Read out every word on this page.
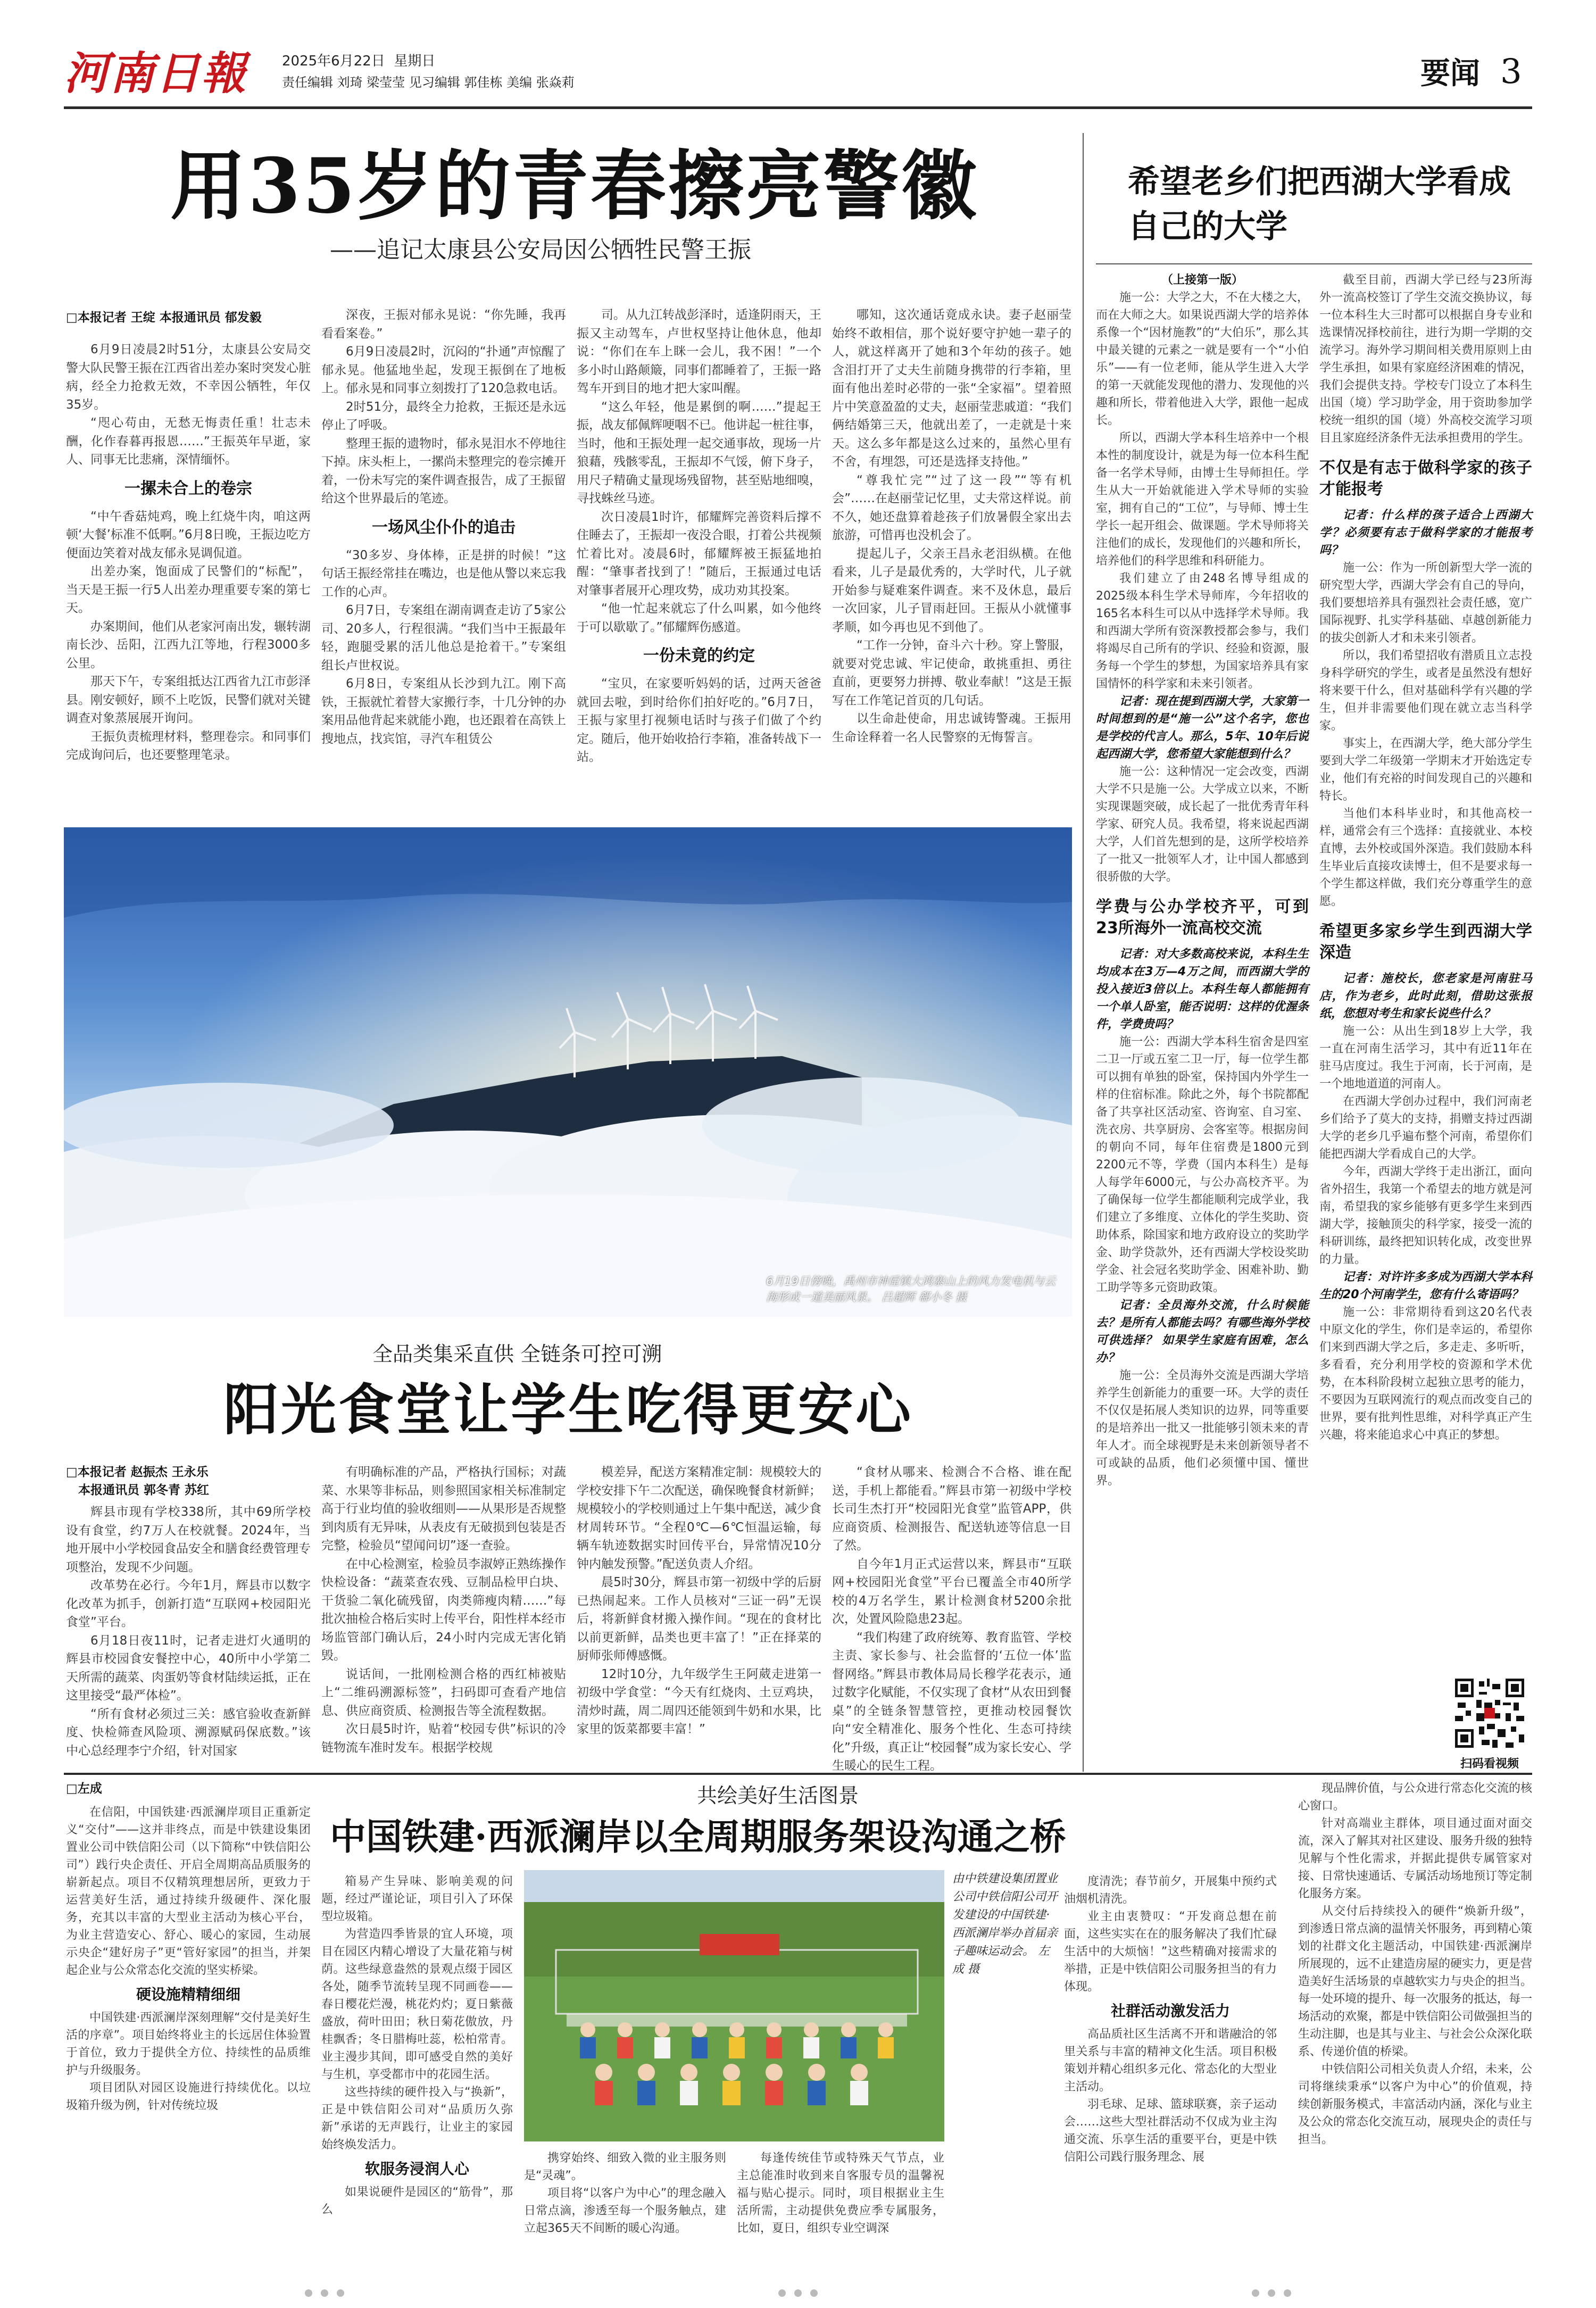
河南日報	2025年6月22日 星期日
责任编辑 刘琦 梁莹莹 见习编辑 郭佳栋 美编 张焱莉	要闻 3
用35岁的青春擦亮警徽
——追记太康县公安局因公牺牲民警王振
□本报记者 王绽 本报通讯员 郁发毅

6月9日凌晨2时51分，太康县公安局交警大队民警王振在江西省出差办案时突发心脏病，经全力抢救无效，不幸因公牺牲，年仅35岁。

“咫心苟由，无愁无悔责任重！壮志未酬，化作春暮再报恩……”王振英年早逝，家人、同事无比悲痛，深情缅怀。

一摞未合上的卷宗

“中午香菇炖鸡，晚上红烧牛肉，咱这两顿‘大餐’标准不低啊。”6月8日晚，王振边吃方便面边笑着对战友郁永晃调侃道。

出差办案，饱面成了民警们的“标配”，当天是王振一行5人出差办理重要专案的第七天。

办案期间，他们从老家河南出发，辗转湖南长沙、岳阳，江西九江等地，行程3000多公里。

那天下午，专案组抵达江西省九江市彭泽县。刚安顿好，顾不上吃饭，民警们就对关键调查对象蒸展展开询问。

王振负责梳理材料，整理卷宗。和同事们完成询问后，也还要整理笔录。

深夜，王振对郁永晃说：“你先睡，我再看看案卷。”

6月9日凌晨2时，沉闷的“扑通”声惊醒了郁永晃。他猛地坐起，发现王振倒在了地板上。郁永晃和同事立刻拨打了120急救电话。

2时51分，最终全力抢救，王振还是永远停止了呼吸。

整理王振的遗物时，郁永晃泪水不停地往下掉。床头柜上，一摞尚未整理完的卷宗摊开着，一份未写完的案件调查报告，成了王振留给这个世界最后的笔迹。

一场风尘仆仆的追击

“30多岁、身体棒，正是拼的时候！”这句话王振经常挂在嘴边，也是他从警以来忘我工作的心声。

6月7日，专案组在湖南调查走访了5家公司、20多人，行程很满。“我们当中王振最年轻，跑腿受累的活儿他总是抢着干。”专案组组长卢世权说。

6月8日，专案组从长沙到九江。刚下高铁，王振就忙着替大家搬行李，十几分钟的办案用品他背起来就能小跑，也还跟着在高铁上搜地点，找宾馆，寻汽车租赁公

司。从九江转战彭泽时，适逢阴雨天，王振又主动驾车，卢世权坚持让他休息，他却说：“你们在车上眯一会儿，我不困！”一个多小时山路颠簸，同事们都睡着了，王振一路驾车开到目的地才把大家叫醒。

“这么年轻，他是累倒的啊……”提起王振，战友郁佩辉哽咽不已。他讲起一桩往事，当时，他和王振处理一起交通事故，现场一片狼藉，残骸零乱，王振却不气馁，俯下身子，用尺子精确丈量现场残留物，甚至贴地细嗅，寻找蛛丝马迹。

次日凌晨1时许，郁耀辉完善资料后撑不住睡去了，王振却一夜没合眼，打着公共视频忙着比对。凌晨6时，郁耀辉被王振猛地拍醒：“肇事者找到了！”随后，王振通过电话对肇事者展开心理攻势，成功劝其投案。

“他一忙起来就忘了什么叫累，如今他终于可以歇歇了。”郁耀辉伤感道。

一份未竟的约定

“宝贝，在家要听妈妈的话，过两天爸爸就回去啦，到时给你们拍好吃的。”6月7日，王振与家里打视频电话时与孩子们做了个约定。随后，他开始收拾行李箱，准备转战下一站。

哪知，这次通话竟成永诀。妻子赵丽莹始终不敢相信，那个说好要守护她一辈子的人，就这样离开了她和3个年幼的孩子。她含泪打开了丈夫生前随身携带的行李箱，里面有他出差时必带的一张“全家福”。望着照片中笑意盈盈的丈夫，赵丽莹悲戚道：“我们俩结婚第三天，他就出差了，一走就是十来天。这么多年都是这么过来的，虽然心里有不舍，有埋怨，可还是选择支持他。”

“尊我忙完”“过了这一段”“等有机会”……在赵丽莹记忆里，丈夫常这样说。前不久，她还盘算着趁孩子们放暑假全家出去旅游，可惜再也没机会了。

提起儿子，父亲王昌永老泪纵横。在他看来，儿子是最优秀的，大学时代，儿子就开始参与疑难案件调查。来不及休息，最后一次回家，儿子冒雨赶回。王振从小就懂事孝顺，如今再也见不到他了。

“工作一分钟，奋斗六十秒。穿上警服，就要对党忠诚、牢记使命，敢挑重担、勇往直前，更要努力拼搏、敬业奉献！”这是王振写在工作笔记首页的几句话。

以生命赴使命，用忠诚铸警魂。王振用生命诠释着一名人民警察的无悔誓言。

6月19日傍晚，禹州市神垕镇大鸿寨山上的风力发电机与云海形成一道美丽风景。 吕超辉 郗小冬 摄
全品类集采直供 全链条可控可溯
阳光食堂让学生吃得更安心
□本报记者 赵振杰 王永乐
　本报通讯员 郭冬青 苏红

辉县市现有学校338所，其中69所学校设有食堂，约7万人在校就餐。2024年，当地开展中小学校园食品安全和膳食经费管理专项整治，发现不少问题。

改革势在必行。今年1月，辉县市以数字化改革为抓手，创新打造“互联网+校园阳光食堂”平台。

6月18日夜11时，记者走进灯火通明的辉县市校园食安餐控中心，40所中小学第二天所需的蔬菜、肉蛋奶等食材陆续运抵，正在这里接受“最严体检”。

“所有食材必须过三关：感官验收查新鲜度、快检筛查风险项、溯源赋码保底数。”该中心总经理李宁介绍，针对国家

有明确标准的产品，严格执行国标；对蔬菜、水果等非标品，则参照国家相关标准制定高于行业均值的验收细则——从果形是否规整到肉质有无异味，从表皮有无破损到包装是否完整，检验员“望闻问切”逐一查验。

在中心检测室，检验员李淑婷正熟练操作快检设备：“蔬菜查农残、豆制品检甲白块、干货验二氧化硫残留，肉类筛瘦肉精……”每批次抽检合格后实时上传平台，阳性样本经市场监管部门确认后，24小时内完成无害化销毁。

说话间，一批刚检测合格的西红柿被贴上“二维码溯源标签”，扫码即可查看产地信息、供应商资质、检测报告等全流程数据。

次日晨5时许，贴着“校园专供”标识的冷链物流车准时发车。根据学校规

模差异，配送方案精准定制：规模较大的学校安排下午二次配送，确保晚餐食材新鲜；规模较小的学校则通过上午集中配送，减少食材周转环节。“全程0℃—6℃恒温运输，每辆车轨迹数据实时回传平台，异常情况10分钟内触发预警。”配送负责人介绍。

晨5时30分，辉县市第一初级中学的后厨已热闹起来。工作人员核对“三证一码”无误后，将新鲜食材搬入操作间。“现在的食材比以前更新鲜，品类也更丰富了！”正在择菜的厨师张师傅感慨。

12时10分，九年级学生王阿葳走进第一初级中学食堂：“今天有红烧肉、土豆鸡块，清炒时蔬，周二周四还能领到牛奶和水果，比家里的饭菜都要丰富！”

“食材从哪来、检测合不合格、谁在配送，手机上都能看。”辉县市第一初级中学校长司生杰打开“校园阳光食堂”监管APP，供应商资质、检测报告、配送轨迹等信息一目了然。

自今年1月正式运营以来，辉县市“互联网+校园阳光食堂”平台已覆盖全市40所学校的4万名学生，累计检测食材5200余批次，处置风险隐患23起。

“我们构建了政府统筹、教育监管、学校主责、家长参与、社会监督的‘五位一体’监督网络。”辉县市教体局局长穆学花表示，通过数字化赋能，不仅实现了食材“从农田到餐桌”的全链条智慧管控，更推动校园餐饮向“安全精准化、服务个性化、生态可持续化”升级，真正让“校园餐”成为家长安心、学生暖心的民生工程。

希望老乡们把西湖大学看成自己的大学
（上接第一版）

施一公：大学之大，不在大楼之大，而在大师之大。如果说西湖大学的培养体系像一个“因材施教”的“大伯乐”，那么其中最关键的元素之一就是要有一个“小伯乐”——有一位老师，能从学生进入大学的第一天就能发现他的潜力、发现他的兴趣和所长，带着他进入大学，跟他一起成长。

所以，西湖大学本科生培养中一个根本性的制度设计，就是为每一位本科生配备一名学术导师，由博士生导师担任。学生从大一开始就能进入学术导师的实验室，拥有自己的“工位”，与导师、博士生学长一起开组会、做课题。学术导师将关注他们的成长，发现他们的兴趣和所长，培养他们的科学思维和科研能力。

我们建立了由248名博导组成的2025级本科生学术导师库，今年招收的165名本科生可以从中选择学术导师。我和西湖大学所有资深教授都会参与，我们将竭尽自己所有的学识、经验和资源，服务每一个学生的梦想，为国家培养具有家国情怀的科学家和未来引领者。

记者：现在提到西湖大学，大家第一时间想到的是“施一公”这个名字，您也是学校的代言人。那么，5年、10年后说起西湖大学，您希望大家能想到什么？

施一公：这种情况一定会改变，西湖大学不只是施一公。大学成立以来，不断实现课题突破，成长起了一批优秀青年科学家、研究人员。我希望，将来说起西湖大学，人们首先想到的是，这所学校培养了一批又一批领军人才，让中国人都感到很骄傲的大学。

学费与公办学校齐平，可到23所海外一流高校交流

记者：对大多数高校来说，本科生生均成本在3万—4万之间，而西湖大学的投入接近3倍以上。本科生每人都能拥有一个单人卧室，能否说明：这样的优渥条件，学费贵吗？

施一公：西湖大学本科生宿舍是四室二卫一厅或五室二卫一厅，每一位学生都可以拥有单独的卧室，保持国内外学生一样的住宿标准。除此之外，每个书院都配备了共享社区活动室、咨询室、自习室、洗衣房、共享厨房、会客室等。根据房间的朝向不同，每年住宿费是1800元到2200元不等，学费（国内本科生）是每人每学年6000元，与公办高校齐平。为了确保每一位学生都能顺利完成学业，我们建立了多维度、立体化的学生奖助、资助体系，除国家和地方政府设立的奖助学金、助学贷款外，还有西湖大学校设奖助学金、社会冠名奖助学金、困难补助、勤工助学等多元资助政策。

记者：全员海外交流，什么时候能去？是所有人都能去吗？有哪些海外学校可供选择？ 如果学生家庭有困难，怎么办？

施一公：全员海外交流是西湖大学培养学生创新能力的重要一环。大学的责任不仅仅是拓展人类知识的边界，同等重要的是培养出一批又一批能够引领未来的青年人才。而全球视野是未来创新领导者不可或缺的品质，他们必须懂中国、懂世界。

截至目前，西湖大学已经与23所海外一流高校签订了学生交流交换协议，每一位本科生大三时都可以根据自身专业和选课情况择校前往，进行为期一学期的交流学习。海外学习期间相关费用原则上由学生承担，如果有家庭经济困难的情况，我们会提供支持。学校专门设立了本科生出国（境）学习助学金，用于资助参加学校统一组织的国（境）外高校交流学习项目且家庭经济条件无法承担费用的学生。

不仅是有志于做科学家的孩子才能报考

记者：什么样的孩子适合上西湖大学？必须要有志于做科学家的才能报考吗？

施一公：作为一所创新型大学一流的研究型大学，西湖大学会有自己的导向，我们要想培养具有强烈社会责任感，宽广国际视野、扎实学科基础、卓越创新能力的拔尖创新人才和未来引领者。

所以，我们希望招收有潜质且立志投身科学研究的学生，或者是虽然没有想好将来要干什么，但对基础科学有兴趣的学生，但并非需要他们现在就立志当科学家。

事实上，在西湖大学，绝大部分学生要到大学二年级第一学期末才开始选定专业，他们有充裕的时间发现自己的兴趣和特长。

当他们本科毕业时，和其他高校一样，通常会有三个选择：直接就业、本校直博，去外校或国外深造。我们鼓励本科生毕业后直接攻读博士，但不是要求每一个学生都这样做，我们充分尊重学生的意愿。

希望更多家乡学生到西湖大学深造

记者：施校长，您老家是河南驻马店，作为老乡，此时此刻，借助这张报纸，您想对考生和家长说些什么？

施一公：从出生到18岁上大学，我一直在河南生活学习，其中有近11年在驻马店度过。我生于河南，长于河南，是一个地地道道的河南人。

在西湖大学创办过程中，我们河南老乡们给予了莫大的支持，捐赠支持过西湖大学的老乡几乎遍布整个河南，希望你们能把西湖大学看成自己的大学。

今年，西湖大学终于走出浙江，面向省外招生，我第一个希望去的地方就是河南，希望我的家乡能够有更多学生来到西湖大学，接触顶尖的科学家，接受一流的科研训练，最终把知识转化成，改变世界的力量。

记者：对许许多多成为西湖大学本科生的20个河南学生，您有什么寄语吗？

施一公：非常期待看到这20名代表中原文化的学生，你们是幸运的，希望你们来到西湖大学之后，多走走、多听听，多看看，充分利用学校的资源和学术优势，在本科阶段树立起独立思考的能力，不要因为互联网流行的观点而改变自己的世界，要有批判性思维，对科学真正产生兴趣，将来能追求心中真正的梦想。

扫码看视频
□左成	共绘美好生活图景
中国铁建·西派澜岸以全周期服务架设沟通之桥

在信阳，中国铁建·西派澜岸项目正重新定义“交付”——这并非终点，而是中铁建设集团置业公司中铁信阳公司（以下简称“中铁信阳公司”）践行央企责任、开启全周期高品质服务的崭新起点。项目不仅精筑理想居所，更致力于运营美好生活，通过持续升级硬件、深化服务，充其以丰富的大型业主活动为核心平台，为业主营造安心、舒心、暖心的家园，生动展示央企“建好房子”更“管好家园”的担当，并架起企业与公众常态化交流的坚实桥梁。

硬设施精精细细

中国铁建·西派澜岸深刻理解“交付是美好生活的序章”。项目始终将业主的长远居住体验置于首位，致力于提供全方位、持续性的品质维护与升级服务。

项目团队对园区设施进行持续优化。以垃圾箱升级为例，针对传统垃圾

箱易产生异味、影响美观的问题，经过严谨论证，项目引入了环保型垃圾箱。

为营造四季皆景的宜人环境，项目在园区内精心增设了大量花箱与树荫。这些绿意盎然的景观点缀于园区各处，随季节流转呈现不同画卷——春日樱花烂漫，桃花灼灼；夏日紫薇盛放，荷叶田田；秋日菊花傲放，丹桂飘香；冬日腊梅吐蕊，松柏常青。业主漫步其间，即可感受自然的美好与生机，享受都市中的花园生活。

这些持续的硬件投入与“换新”，正是中铁信阳公司对“品质历久弥新”承诺的无声践行，让业主的家园始终焕发活力。

软服务浸润人心

如果说硬件是园区的“筋骨”，那么

由中铁建设集团置业公司中铁信阳公司开发建设的中国铁建·西派澜岸举办首届亲子趣味运动会。 左成 摄

携穿始终、细致入微的业主服务则是“灵魂”。

项目将“以客户为中心”的理念融入日常点滴，渗透至每一个服务触点，建立起365天不间断的暖心沟通。

每逢传统佳节或特殊天气节点，业主总能准时收到来自客服专员的温馨祝福与贴心提示。同时，项目根据业主生活所需，主动提供免费应季专属服务，比如，夏日，组织专业空调深

度清洗；春节前夕，开展集中预约式油烟机清洗。

业主由衷赞叹：“开发商总想在前面，这些实实在在的服务解决了我们忙碌生活中的大烦恼！”这些精确对接需求的举措，正是中铁信阳公司服务担当的有力体现。

社群活动激发活力

高品质社区生活离不开和谐融洽的邻里关系与丰富的精神文化生活。项目积极策划并精心组织多元化、常态化的大型业主活动。

羽毛球、足球、篮球联赛，亲子运动会……这些大型社群活动不仅成为业主沟通交流、乐享生活的重要平台，更是中铁信阳公司践行服务理念、展

现品牌价值，与公众进行常态化交流的核心窗口。

针对高端业主群体，项目通过面对面交流，深入了解其对社区建设、服务升级的独特见解与个性化需求，并据此提供专属管家对接、日常快速通话、专属活动场地预订等定制化服务方案。

从交付后持续投入的硬件“焕新升级”，到渗透日常点滴的温情关怀服务，再到精心策划的社群文化主题活动，中国铁建·西派澜岸所展现的，远不止建造房屋的硬实力，更是营造美好生活场景的卓越软实力与央企的担当。每一处环境的提升、每一次服务的抵达，每一场活动的欢聚，都是中铁信阳公司做强担当的生动注脚，也是其与业主、与社会公众深化联系、传递价值的桥梁。

中铁信阳公司相关负责人介绍，未来，公司将继续秉承“以客户为中心”的价值观，持续创新服务模式，丰富活动内涵，深化与业主及公众的常态化交流互动，展现央企的责任与担当。
